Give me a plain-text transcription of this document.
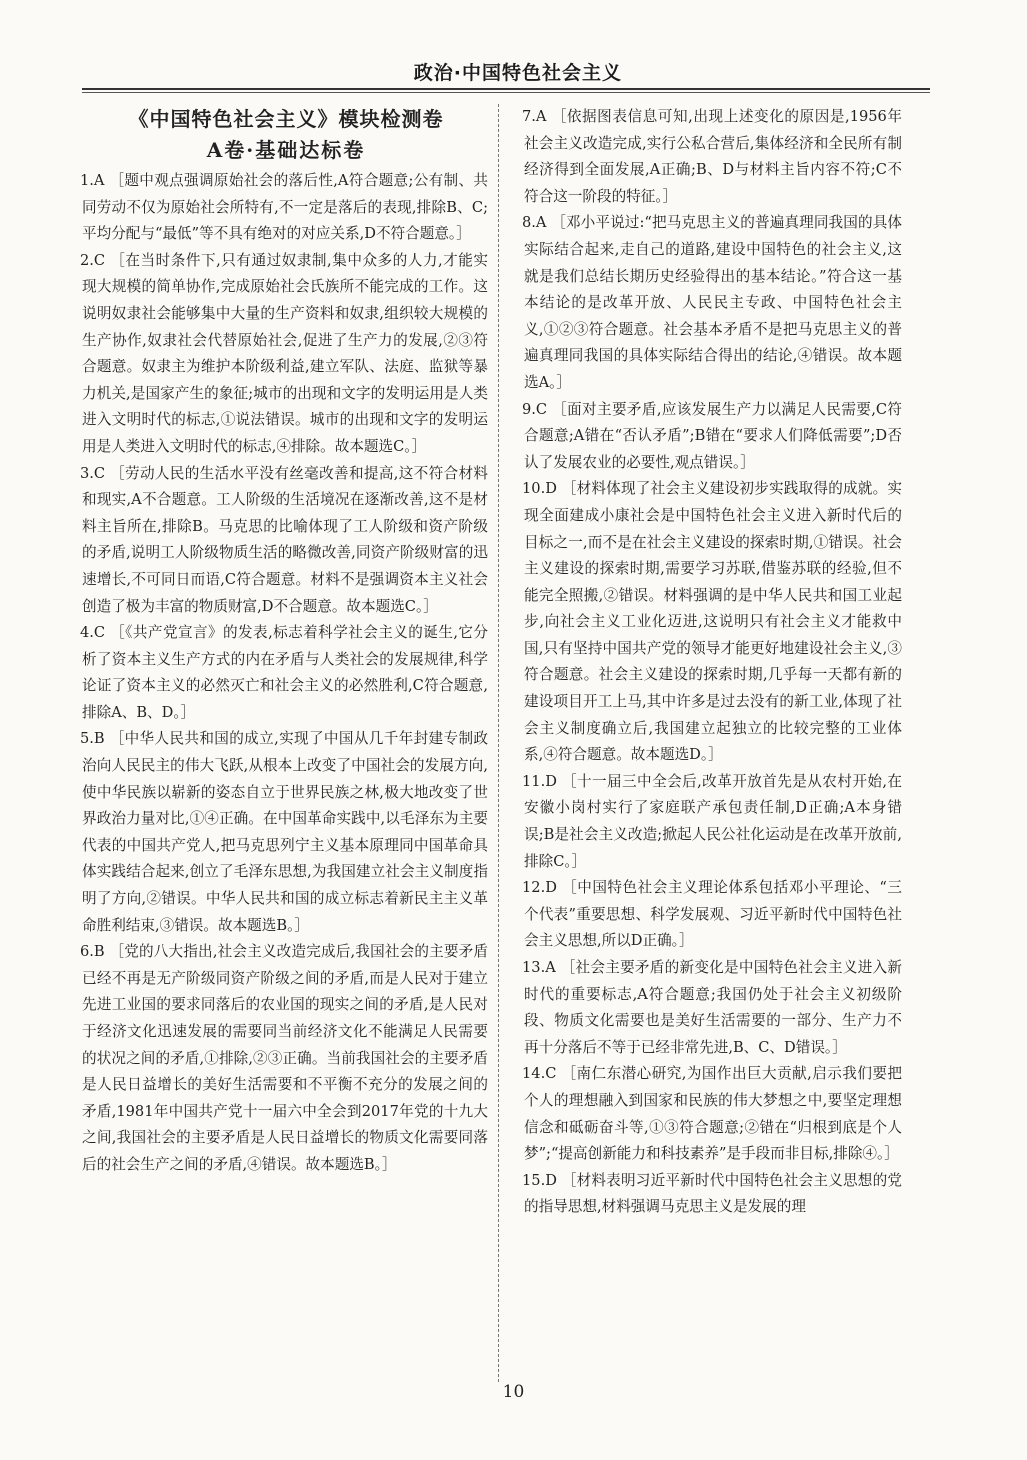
政治·中国特色社会主义
《中国特色社会主义》模块检测卷
A卷·基础达标卷

1.A ［题中观点强调原始社会的落后性,A符合题意;公有制、共同劳动不仅为原始社会所特有,不一定是落后的表现,排除B、C;平均分配与“最低”等不具有绝对的对应关系,D不符合题意。］

2.C ［在当时条件下,只有通过奴隶制,集中众多的人力,才能实现大规模的简单协作,完成原始社会氏族所不能完成的工作。这说明奴隶社会能够集中大量的生产资料和奴隶,组织较大规模的生产协作,奴隶社会代替原始社会,促进了生产力的发展,②③符合题意。奴隶主为维护本阶级利益,建立军队、法庭、监狱等暴力机关,是国家产生的象征;城市的出现和文字的发明运用是人类进入文明时代的标志,①说法错误。城市的出现和文字的发明运用是人类进入文明时代的标志,④排除。故本题选C。］

3.C ［劳动人民的生活水平没有丝毫改善和提高,这不符合材料和现实,A不合题意。工人阶级的生活境况在逐渐改善,这不是材料主旨所在,排除B。马克思的比喻体现了工人阶级和资产阶级的矛盾,说明工人阶级物质生活的略微改善,同资产阶级财富的迅速增长,不可同日而语,C符合题意。材料不是强调资本主义社会创造了极为丰富的物质财富,D不合题意。故本题选C。］

4.C ［《共产党宣言》的发表,标志着科学社会主义的诞生,它分析了资本主义生产方式的内在矛盾与人类社会的发展规律,科学论证了资本主义的必然灭亡和社会主义的必然胜利,C符合题意,排除A、B、D。］

5.B ［中华人民共和国的成立,实现了中国从几千年封建专制政治向人民民主的伟大飞跃,从根本上改变了中国社会的发展方向,使中华民族以崭新的姿态自立于世界民族之林,极大地改变了世界政治力量对比,①④正确。在中国革命实践中,以毛泽东为主要代表的中国共产党人,把马克思列宁主义基本原理同中国革命具体实践结合起来,创立了毛泽东思想,为我国建立社会主义制度指明了方向,②错误。中华人民共和国的成立标志着新民主主义革命胜利结束,③错误。故本题选B。］

6.B ［党的八大指出,社会主义改造完成后,我国社会的主要矛盾已经不再是无产阶级同资产阶级之间的矛盾,而是人民对于建立先进工业国的要求同落后的农业国的现实之间的矛盾,是人民对于经济文化迅速发展的需要同当前经济文化不能满足人民需要的状况之间的矛盾,①排除,②③正确。当前我国社会的主要矛盾是人民日益增长的美好生活需要和不平衡不充分的发展之间的矛盾,1981年中国共产党十一届六中全会到2017年党的十九大之间,我国社会的主要矛盾是人民日益增长的物质文化需要同落后的社会生产之间的矛盾,④错误。故本题选B。］

7.A ［依据图表信息可知,出现上述变化的原因是,1956年社会主义改造完成,实行公私合营后,集体经济和全民所有制经济得到全面发展,A正确;B、D与材料主旨内容不符;C不符合这一阶段的特征。］

8.A ［邓小平说过:“把马克思主义的普遍真理同我国的具体实际结合起来,走自己的道路,建设中国特色的社会主义,这就是我们总结长期历史经验得出的基本结论。”符合这一基本结论的是改革开放、人民民主专政、中国特色社会主义,①②③符合题意。社会基本矛盾不是把马克思主义的普遍真理同我国的具体实际结合得出的结论,④错误。故本题选A。］

9.C ［面对主要矛盾,应该发展生产力以满足人民需要,C符合题意;A错在“否认矛盾”;B错在“要求人们降低需要”;D否认了发展农业的必要性,观点错误。］

10.D ［材料体现了社会主义建设初步实践取得的成就。实现全面建成小康社会是中国特色社会主义进入新时代后的目标之一,而不是在社会主义建设的探索时期,①错误。社会主义建设的探索时期,需要学习苏联,借鉴苏联的经验,但不能完全照搬,②错误。材料强调的是中华人民共和国工业起步,向社会主义工业化迈进,这说明只有社会主义才能救中国,只有坚持中国共产党的领导才能更好地建设社会主义,③符合题意。社会主义建设的探索时期,几乎每一天都有新的建设项目开工上马,其中许多是过去没有的新工业,体现了社会主义制度确立后,我国建立起独立的比较完整的工业体系,④符合题意。故本题选D。］

11.D ［十一届三中全会后,改革开放首先是从农村开始,在安徽小岗村实行了家庭联产承包责任制,D正确;A本身错误;B是社会主义改造;掀起人民公社化运动是在改革开放前,排除C。］

12.D ［中国特色社会主义理论体系包括邓小平理论、“三个代表”重要思想、科学发展观、习近平新时代中国特色社会主义思想,所以D正确。］

13.A ［社会主要矛盾的新变化是中国特色社会主义进入新时代的重要标志,A符合题意;我国仍处于社会主义初级阶段、物质文化需要也是美好生活需要的一部分、生产力不再十分落后不等于已经非常先进,B、C、D错误。］

14.C ［南仁东潜心研究,为国作出巨大贡献,启示我们要把个人的理想融入到国家和民族的伟大梦想之中,要坚定理想信念和砥砺奋斗等,①③符合题意;②错在“归根到底是个人梦”;“提高创新能力和科技素养”是手段而非目标,排除④。］

15.D ［材料表明习近平新时代中国特色社会主义思想的党的指导思想,材料强调马克思主义是发展的理

10
